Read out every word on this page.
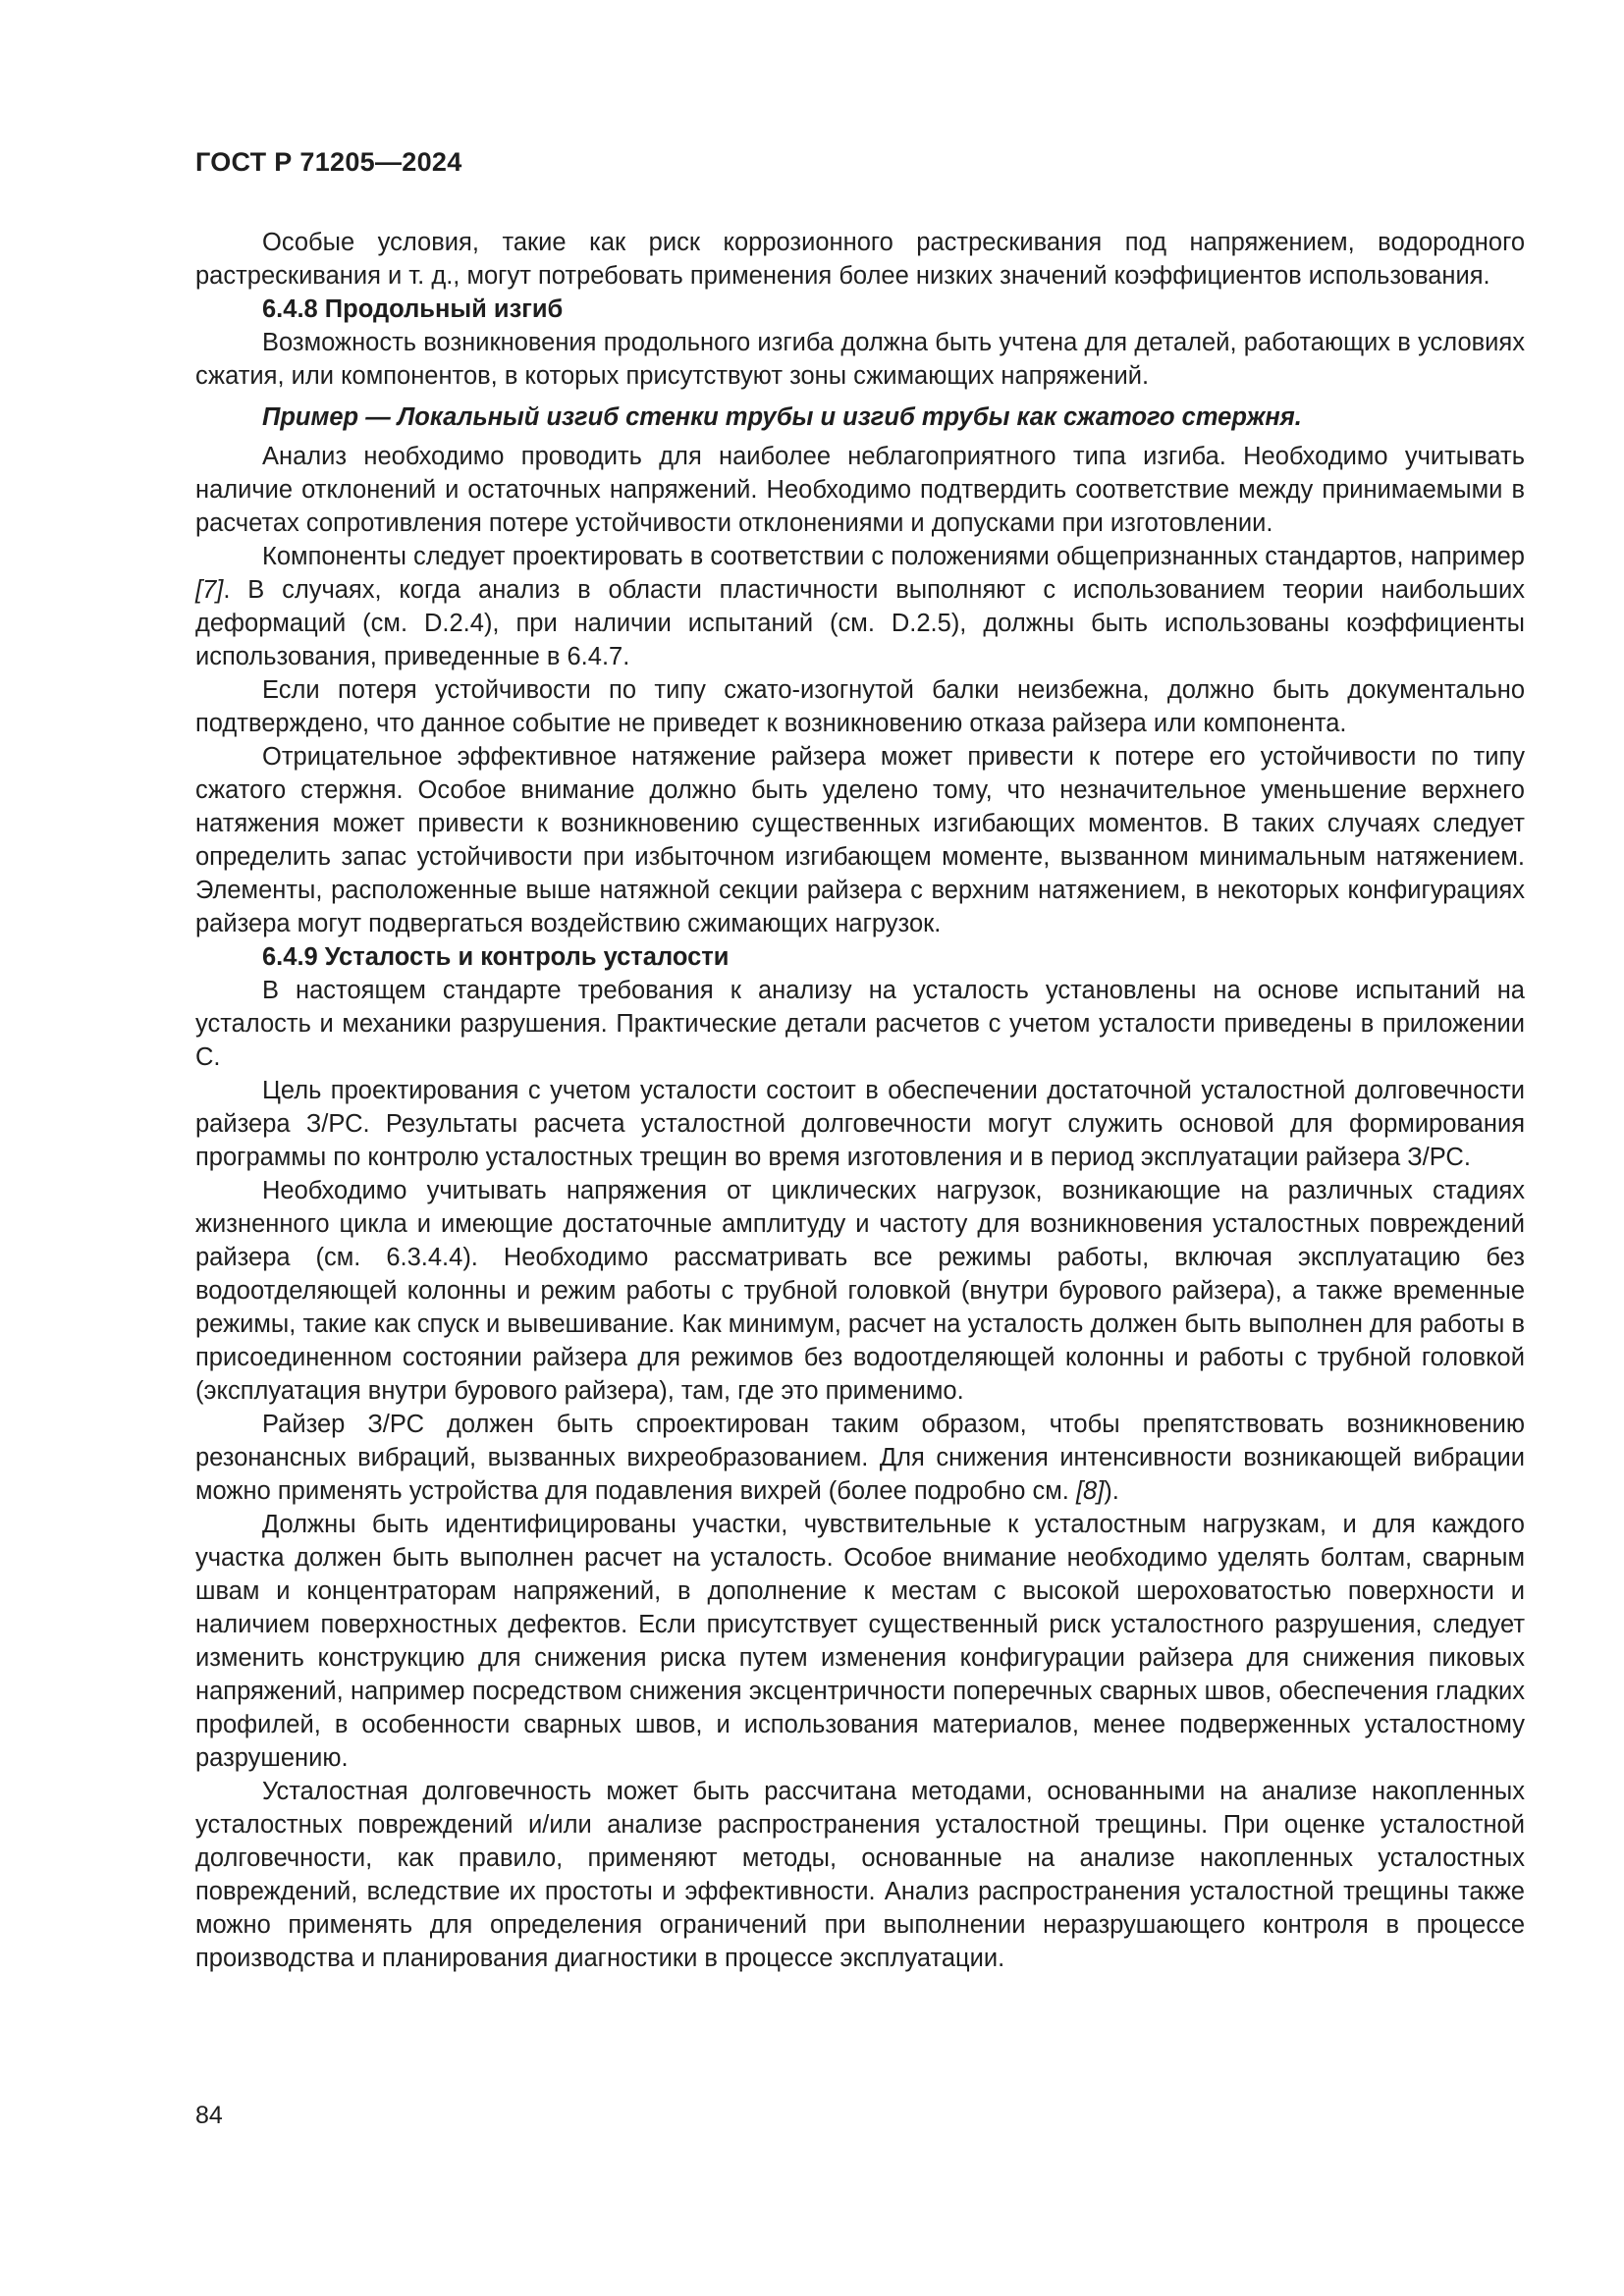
ГОСТ Р 71205—2024

Особые условия, такие как риск коррозионного растрескивания под напряжением, водородного растрескивания и т. д., могут потребовать применения более низких значений коэффициентов использования.

6.4.8 Продольный изгиб

Возможность возникновения продольного изгиба должна быть учтена для деталей, работающих в условиях сжатия, или компонентов, в которых присутствуют зоны сжимающих напряжений.

Пример — Локальный изгиб стенки трубы и изгиб трубы как сжатого стержня.

Анализ необходимо проводить для наиболее неблагоприятного типа изгиба. Необходимо учитывать наличие отклонений и остаточных напряжений. Необходимо подтвердить соответствие между принимаемыми в расчетах сопротивления потере устойчивости отклонениями и допусками при изготовлении.

Компоненты следует проектировать в соответствии с положениями общепризнанных стандартов, например [7]. В случаях, когда анализ в области пластичности выполняют с использованием теории наибольших деформаций (см. D.2.4), при наличии испытаний (см. D.2.5), должны быть использованы коэффициенты использования, приведенные в 6.4.7.

Если потеря устойчивости по типу сжато-изогнутой балки неизбежна, должно быть документально подтверждено, что данное событие не приведет к возникновению отказа райзера или компонента.

Отрицательное эффективное натяжение райзера может привести к потере его устойчивости по типу сжатого стержня. Особое внимание должно быть уделено тому, что незначительное уменьшение верхнего натяжения может привести к возникновению существенных изгибающих моментов. В таких случаях следует определить запас устойчивости при избыточном изгибающем моменте, вызванном минимальным натяжением. Элементы, расположенные выше натяжной секции райзера с верхним натяжением, в некоторых конфигурациях райзера могут подвергаться воздействию сжимающих нагрузок.

6.4.9 Усталость и контроль усталости

В настоящем стандарте требования к анализу на усталость установлены на основе испытаний на усталость и механики разрушения. Практические детали расчетов с учетом усталости приведены в приложении С.

Цель проектирования с учетом усталости состоит в обеспечении достаточной усталостной долговечности райзера З/РС. Результаты расчета усталостной долговечности могут служить основой для формирования программы по контролю усталостных трещин во время изготовления и в период эксплуатации райзера З/РС.

Необходимо учитывать напряжения от циклических нагрузок, возникающие на различных стадиях жизненного цикла и имеющие достаточные амплитуду и частоту для возникновения усталостных повреждений райзера (см. 6.3.4.4). Необходимо рассматривать все режимы работы, включая эксплуатацию без водоотделяющей колонны и режим работы с трубной головкой (внутри бурового райзера), а также временные режимы, такие как спуск и вывешивание. Как минимум, расчет на усталость должен быть выполнен для работы в присоединенном состоянии райзера для режимов без водоотделяющей колонны и работы с трубной головкой (эксплуатация внутри бурового райзера), там, где это применимо.

Райзер З/РС должен быть спроектирован таким образом, чтобы препятствовать возникновению резонансных вибраций, вызванных вихреобразованием. Для снижения интенсивности возникающей вибрации можно применять устройства для подавления вихрей (более подробно см. [8]).

Должны быть идентифицированы участки, чувствительные к усталостным нагрузкам, и для каждого участка должен быть выполнен расчет на усталость. Особое внимание необходимо уделять болтам, сварным швам и концентраторам напряжений, в дополнение к местам с высокой шероховатостью поверхности и наличием поверхностных дефектов. Если присутствует существенный риск усталостного разрушения, следует изменить конструкцию для снижения риска путем изменения конфигурации райзера для снижения пиковых напряжений, например посредством снижения эксцентричности поперечных сварных швов, обеспечения гладких профилей, в особенности сварных швов, и использования материалов, менее подверженных усталостному разрушению.

Усталостная долговечность может быть рассчитана методами, основанными на анализе накопленных усталостных повреждений и/или анализе распространения усталостной трещины. При оценке усталостной долговечности, как правило, применяют методы, основанные на анализе накопленных усталостных повреждений, вследствие их простоты и эффективности. Анализ распространения усталостной трещины также можно применять для определения ограничений при выполнении неразрушающего контроля в процессе производства и планирования диагностики в процессе эксплуатации.

84
